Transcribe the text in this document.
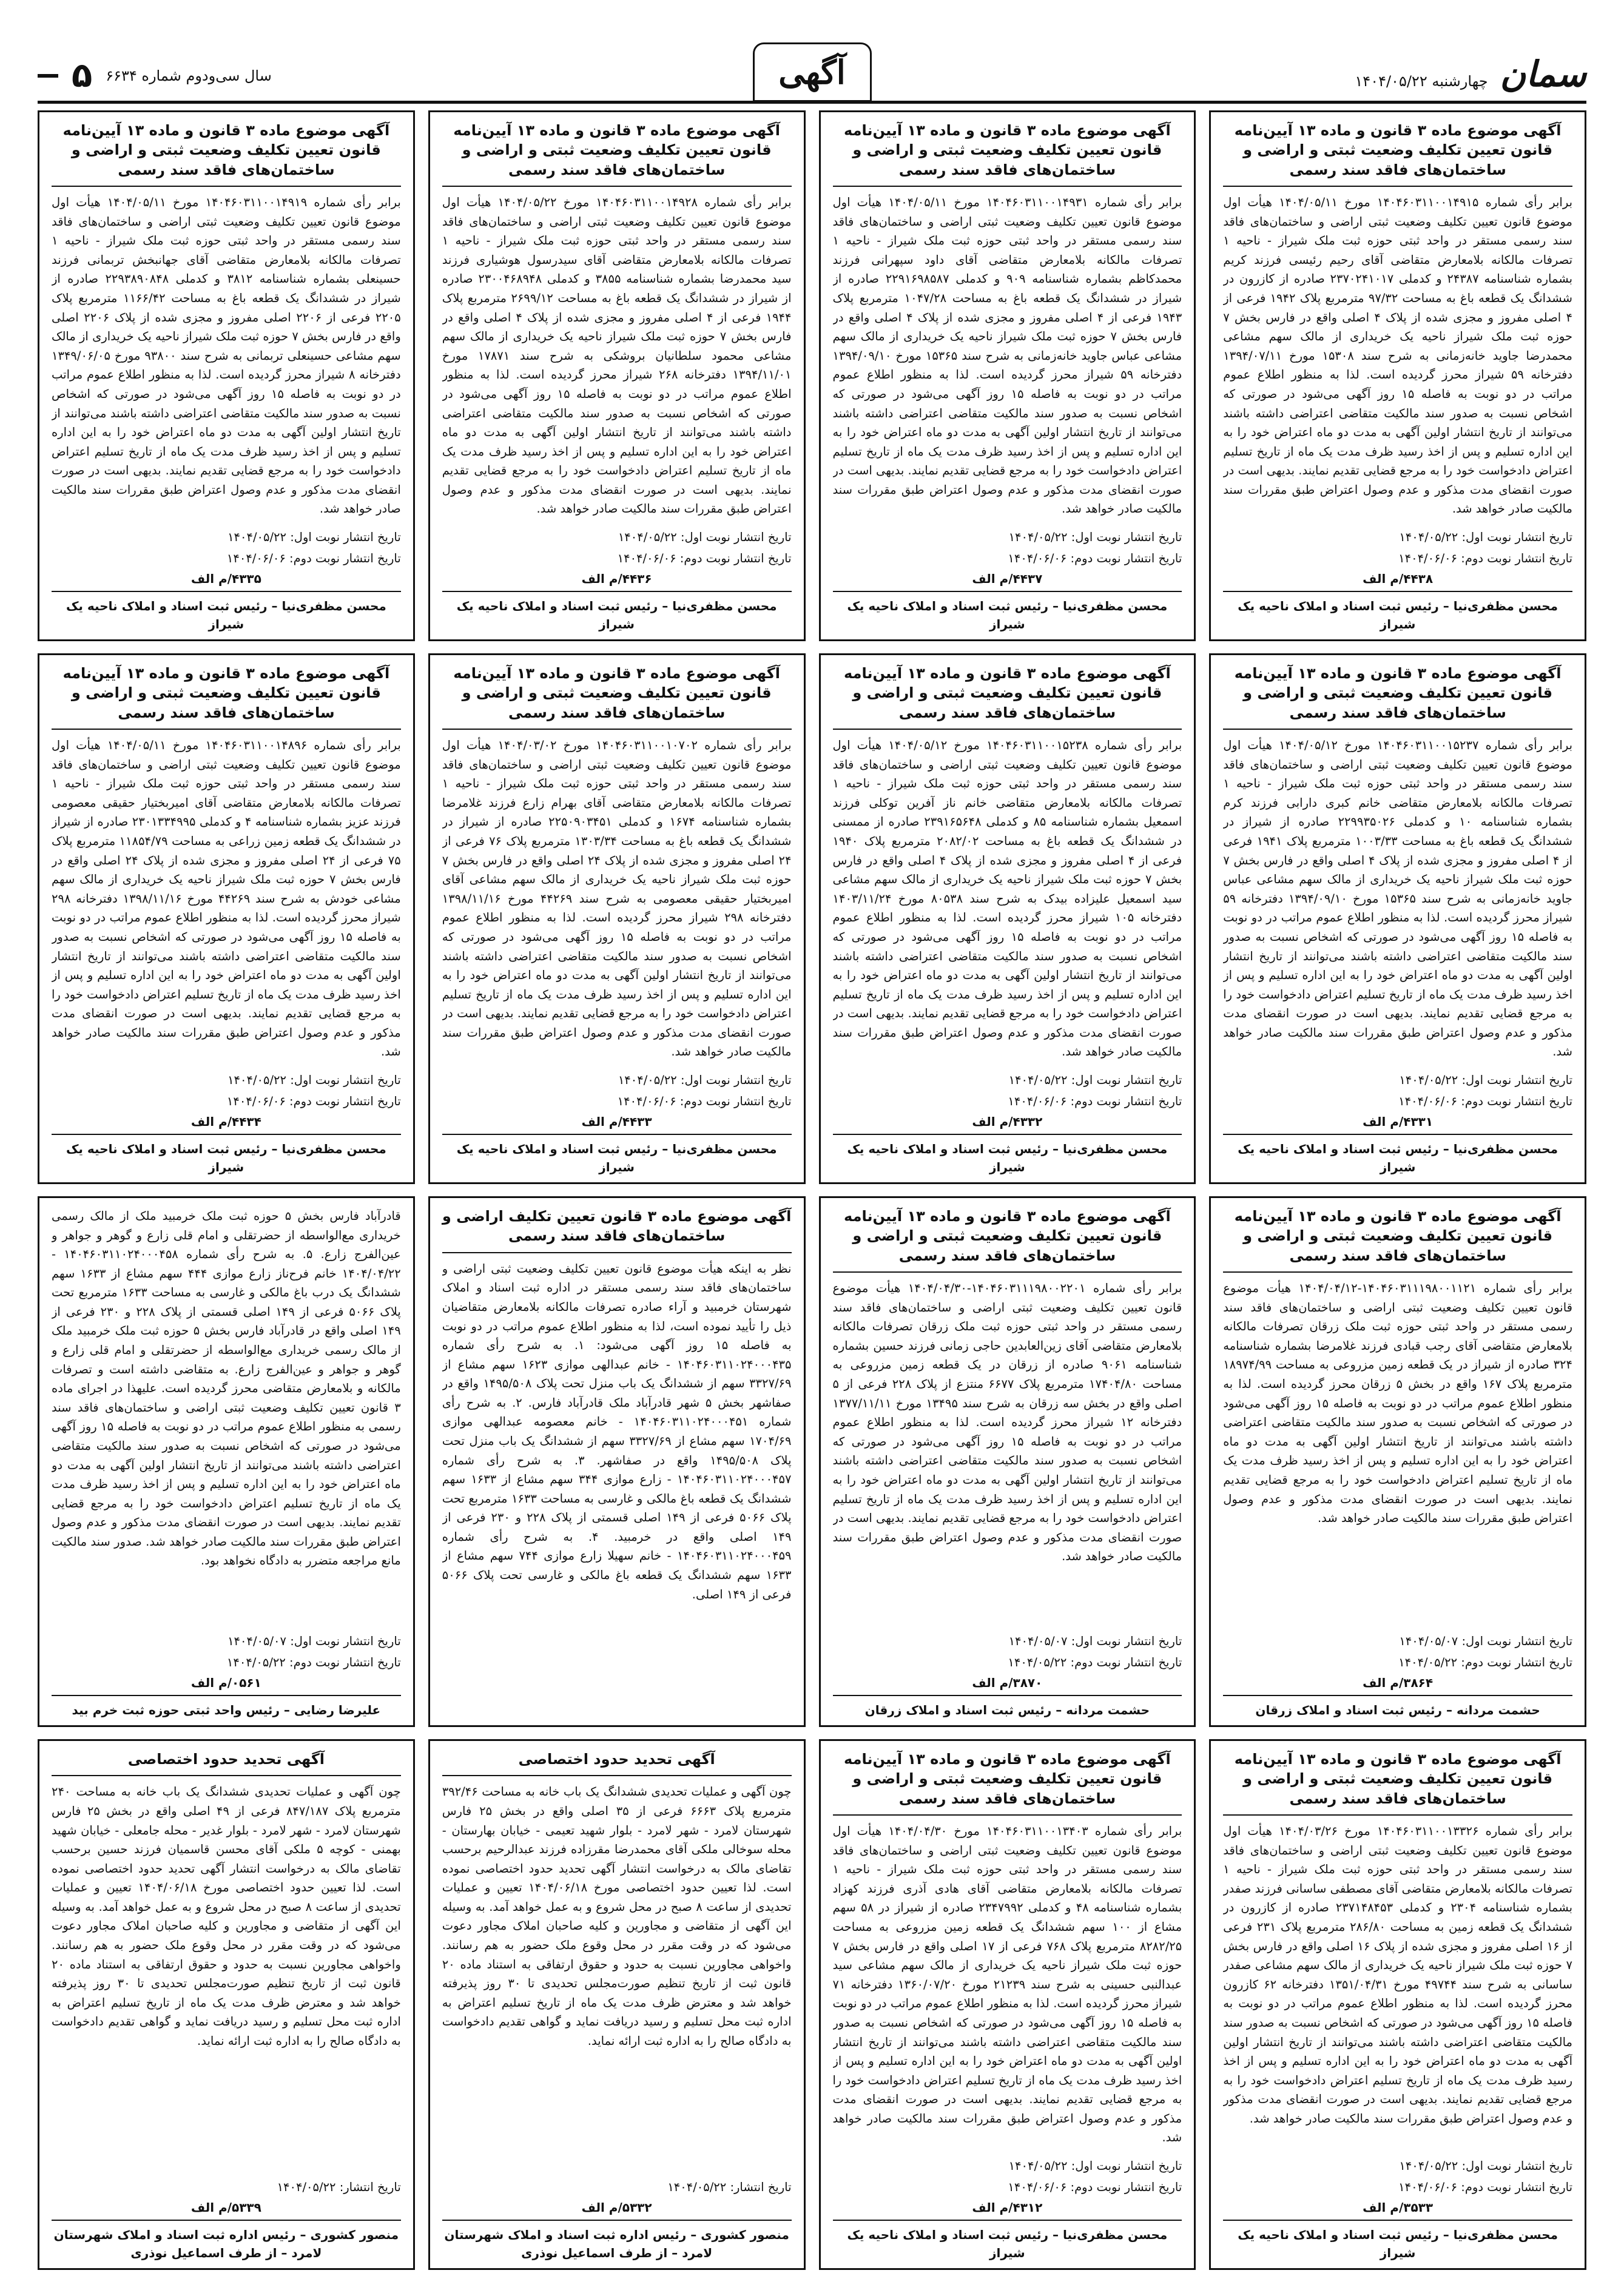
سمان
چهارشنبه ۱۴۰۴/۰۵/۲۲
آگهی
سال سی‌ودوم شماره ۶۶۳۴
۵
آگهی موضوع ماده ۳ قانون و ماده ۱۳ آیین‌نامه قانون تعیین تکلیف وضعیت ثبتی و اراضی و ساختمان‌های فاقد سند رسمی
برابر رأی شماره ۱۴۰۴۶۰۳۱۱۰۰۱۴۹۱۵ مورخ ۱۴۰۴/۰۵/۱۱ هیأت اول موضوع قانون تعیین تکلیف وضعیت ثبتی اراضی و ساختمان‌های فاقد سند رسمی مستقر در واحد ثبتی حوزه ثبت ملک شیراز - ناحیه ۱ تصرفات مالکانه بلامعارض متقاضی آقای رحیم رئیسی فرزند کریم بشماره شناسنامه ۲۴۳۸۷ و کدملی ۲۳۷۰۲۴۱۰۱۷ صادره از کازرون در ششدانگ یک قطعه باغ به مساحت ۹۷/۳۲ مترمربع پلاک ۱۹۴۲ فرعی از ۴ اصلی مفروز و مجزی شده از پلاک ۴ اصلی واقع در فارس بخش ۷ حوزه ثبت ملک شیراز ناحیه یک خریداری از مالک سهم مشاعی محمدرضا جاوید خانه‌زمانی به شرح سند ۱۵۳۰۸ مورخ ۱۳۹۴/۰۷/۱۱ دفترخانه ۵۹ شیراز محرز گردیده است. لذا به منظور اطلاع عموم مراتب در دو نوبت به فاصله ۱۵ روز آگهی می‌شود در صورتی که اشخاص نسبت به صدور سند مالکیت متقاضی اعتراضی داشته باشند می‌توانند از تاریخ انتشار اولین آگهی به مدت دو ماه اعتراض خود را به این اداره تسلیم و پس از اخذ رسید ظرف مدت یک ماه از تاریخ تسلیم اعتراض دادخواست خود را به مرجع قضایی تقدیم نمایند. بدیهی است در صورت انقضای مدت مذکور و عدم وصول اعتراض طبق مقررات سند مالکیت صادر خواهد شد.
تاریخ انتشار نوبت اول: ۱۴۰۴/۰۵/۲۲
تاریخ انتشار نوبت دوم: ۱۴۰۴/۰۶/۰۶
۴۴۳۸/م الف
محسن مظفری‌نیا – رئیس ثبت اسناد و املاک ناحیه یک شیراز
آگهی موضوع ماده ۳ قانون و ماده ۱۳ آیین‌نامه قانون تعیین تکلیف وضعیت ثبتی و اراضی و ساختمان‌های فاقد سند رسمی
برابر رأی شماره ۱۴۰۴۶۰۳۱۱۰۰۱۴۹۳۱ مورخ ۱۴۰۴/۰۵/۱۱ هیأت اول موضوع قانون تعیین تکلیف وضعیت ثبتی اراضی و ساختمان‌های فاقد سند رسمی مستقر در واحد ثبتی حوزه ثبت ملک شیراز - ناحیه ۱ تصرفات مالکانه بلامعارض متقاضی آقای داود سپهرانی فرزند محمدکاظم بشماره شناسنامه ۹۰۹ و کدملی ۲۲۹۱۶۹۸۵۸۷ صادره از شیراز در ششدانگ یک قطعه باغ به مساحت ۱۰۴۷/۲۸ مترمربع پلاک ۱۹۴۳ فرعی از ۴ اصلی مفروز و مجزی شده از پلاک ۴ اصلی واقع در فارس بخش ۷ حوزه ثبت ملک شیراز ناحیه یک خریداری از مالک سهم مشاعی عباس جاوید خانه‌زمانی به شرح سند ۱۵۳۶۵ مورخ ۱۳۹۴/۰۹/۱۰ دفترخانه ۵۹ شیراز محرز گردیده است. لذا به منظور اطلاع عموم مراتب در دو نوبت به فاصله ۱۵ روز آگهی می‌شود در صورتی که اشخاص نسبت به صدور سند مالکیت متقاضی اعتراضی داشته باشند می‌توانند از تاریخ انتشار اولین آگهی به مدت دو ماه اعتراض خود را به این اداره تسلیم و پس از اخذ رسید ظرف مدت یک ماه از تاریخ تسلیم اعتراض دادخواست خود را به مرجع قضایی تقدیم نمایند. بدیهی است در صورت انقضای مدت مذکور و عدم وصول اعتراض طبق مقررات سند مالکیت صادر خواهد شد.
تاریخ انتشار نوبت اول: ۱۴۰۴/۰۵/۲۲
تاریخ انتشار نوبت دوم: ۱۴۰۴/۰۶/۰۶
۴۴۳۷/م الف
محسن مظفری‌نیا – رئیس ثبت اسناد و املاک ناحیه یک شیراز
آگهی موضوع ماده ۳ قانون و ماده ۱۳ آیین‌نامه قانون تعیین تکلیف وضعیت ثبتی و اراضی و ساختمان‌های فاقد سند رسمی
برابر رأی شماره ۱۴۰۴۶۰۳۱۱۰۰۱۴۹۲۸ مورخ ۱۴۰۴/۰۵/۲۲ هیأت اول موضوع قانون تعیین تکلیف وضعیت ثبتی اراضی و ساختمان‌های فاقد سند رسمی مستقر در واحد ثبتی حوزه ثبت ملک شیراز - ناحیه ۱ تصرفات مالکانه بلامعارض متقاضی آقای سیدرسول هوشیاری فرزند سید محمدرضا بشماره شناسنامه ۳۸۵۵ و کدملی ۲۳۰۰۴۶۸۹۴۸ صادره از شیراز در ششدانگ یک قطعه باغ به مساحت ۲۶۹۹/۱۲ مترمربع پلاک ۱۹۴۴ فرعی از ۴ اصلی مفروز و مجزی شده از پلاک ۴ اصلی واقع در فارس بخش ۷ حوزه ثبت ملک شیراز ناحیه یک خریداری از مالک سهم مشاعی محمود سلطانیان بروشکی به شرح سند ۱۷۸۷۱ مورخ ۱۳۹۴/۱۱/۰۱ دفترخانه ۲۶۸ شیراز محرز گردیده است. لذا به منظور اطلاع عموم مراتب در دو نوبت به فاصله ۱۵ روز آگهی می‌شود در صورتی که اشخاص نسبت به صدور سند مالکیت متقاضی اعتراضی داشته باشند می‌توانند از تاریخ انتشار اولین آگهی به مدت دو ماه اعتراض خود را به این اداره تسلیم و پس از اخذ رسید ظرف مدت یک ماه از تاریخ تسلیم اعتراض دادخواست خود را به مرجع قضایی تقدیم نمایند. بدیهی است در صورت انقضای مدت مذکور و عدم وصول اعتراض طبق مقررات سند مالکیت صادر خواهد شد.
تاریخ انتشار نوبت اول: ۱۴۰۴/۰۵/۲۲
تاریخ انتشار نوبت دوم: ۱۴۰۴/۰۶/۰۶
۴۴۳۶/م الف
محسن مظفری‌نیا – رئیس ثبت اسناد و املاک ناحیه یک شیراز
آگهی موضوع ماده ۳ قانون و ماده ۱۳ آیین‌نامه قانون تعیین تکلیف وضعیت ثبتی و اراضی و ساختمان‌های فاقد سند رسمی
برابر رأی شماره ۱۴۰۴۶۰۳۱۱۰۰۱۴۹۱۹ مورخ ۱۴۰۴/۰۵/۱۱ هیأت اول موضوع قانون تعیین تکلیف وضعیت ثبتی اراضی و ساختمان‌های فاقد سند رسمی مستقر در واحد ثبتی حوزه ثبت ملک شیراز - ناحیه ۱ تصرفات مالکانه بلامعارض متقاضی آقای جهانبخش تربمانی فرزند حسینعلی بشماره شناسنامه ۳۸۱۲ و کدملی ۲۲۹۳۸۹۰۸۴۸ صادره از شیراز در ششدانگ یک قطعه باغ به مساحت ۱۱۶۶/۴۲ مترمربع پلاک ۲۲۰۵ فرعی از ۲۲۰۶ اصلی مفروز و مجزی شده از پلاک ۲۲۰۶ اصلی واقع در فارس بخش ۷ حوزه ثبت ملک شیراز ناحیه یک خریداری از مالک سهم مشاعی حسینعلی تربمانی به شرح سند ۹۳۸۰۰ مورخ ۱۳۴۹/۰۶/۰۵ دفترخانه ۸ شیراز محرز گردیده است. لذا به منظور اطلاع عموم مراتب در دو نوبت به فاصله ۱۵ روز آگهی می‌شود در صورتی که اشخاص نسبت به صدور سند مالکیت متقاضی اعتراضی داشته باشند می‌توانند از تاریخ انتشار اولین آگهی به مدت دو ماه اعتراض خود را به این اداره تسلیم و پس از اخذ رسید ظرف مدت یک ماه از تاریخ تسلیم اعتراض دادخواست خود را به مرجع قضایی تقدیم نمایند. بدیهی است در صورت انقضای مدت مذکور و عدم وصول اعتراض طبق مقررات سند مالکیت صادر خواهد شد.
تاریخ انتشار نوبت اول: ۱۴۰۴/۰۵/۲۲
تاریخ انتشار نوبت دوم: ۱۴۰۴/۰۶/۰۶
۴۳۳۵/م الف
محسن مظفری‌نیا – رئیس ثبت اسناد و املاک ناحیه یک شیراز
آگهی موضوع ماده ۳ قانون و ماده ۱۳ آیین‌نامه قانون تعیین تکلیف وضعیت ثبتی و اراضی و ساختمان‌های فاقد سند رسمی
برابر رأی شماره ۱۴۰۴۶۰۳۱۱۰۰۱۵۲۳۷ مورخ ۱۴۰۴/۰۵/۱۲ هیأت اول موضوع قانون تعیین تکلیف وضعیت ثبتی اراضی و ساختمان‌های فاقد سند رسمی مستقر در واحد ثبتی حوزه ثبت ملک شیراز - ناحیه ۱ تصرفات مالکانه بلامعارض متقاضی خانم کبری دارابی فرزند کرم بشماره شناسنامه ۱۰ و کدملی ۲۲۹۹۳۵۰۲۶ صادره از شیراز در ششدانگ یک قطعه باغ به مساحت ۱۰۰۳/۳۳ مترمربع پلاک ۱۹۴۱ فرعی از ۴ اصلی مفروز و مجزی شده از پلاک ۴ اصلی واقع در فارس بخش ۷ حوزه ثبت ملک شیراز ناحیه یک خریداری از مالک سهم مشاعی عباس جاوید خانه‌زمانی به شرح سند ۱۵۳۶۵ مورخ ۱۳۹۴/۰۹/۱۰ دفترخانه ۵۹ شیراز محرز گردیده است. لذا به منظور اطلاع عموم مراتب در دو نوبت به فاصله ۱۵ روز آگهی می‌شود در صورتی که اشخاص نسبت به صدور سند مالکیت متقاضی اعتراضی داشته باشند می‌توانند از تاریخ انتشار اولین آگهی به مدت دو ماه اعتراض خود را به این اداره تسلیم و پس از اخذ رسید ظرف مدت یک ماه از تاریخ تسلیم اعتراض دادخواست خود را به مرجع قضایی تقدیم نمایند. بدیهی است در صورت انقضای مدت مذکور و عدم وصول اعتراض طبق مقررات سند مالکیت صادر خواهد شد.
تاریخ انتشار نوبت اول: ۱۴۰۴/۰۵/۲۲
تاریخ انتشار نوبت دوم: ۱۴۰۴/۰۶/۰۶
۴۳۳۱/م الف
محسن مظفری‌نیا – رئیس ثبت اسناد و املاک ناحیه یک شیراز
آگهی موضوع ماده ۳ قانون و ماده ۱۳ آیین‌نامه قانون تعیین تکلیف وضعیت ثبتی و اراضی و ساختمان‌های فاقد سند رسمی
برابر رأی شماره ۱۴۰۴۶۰۳۱۱۰۰۱۵۲۳۸ مورخ ۱۴۰۴/۰۵/۱۲ هیأت اول موضوع قانون تعیین تکلیف وضعیت ثبتی اراضی و ساختمان‌های فاقد سند رسمی مستقر در واحد ثبتی حوزه ثبت ملک شیراز - ناحیه ۱ تصرفات مالکانه بلامعارض متقاضی خانم ناز آفرین توکلی فرزند اسمعیل بشماره شناسنامه ۸۵ و کدملی ۲۳۹۱۶۵۶۴۸ صادره از ممسنی در ششدانگ یک قطعه باغ به مساحت ۲۰۸۲/۰۲ مترمربع پلاک ۱۹۴۰ فرعی از ۴ اصلی مفروز و مجزی شده از پلاک ۴ اصلی واقع در فارس بخش ۷ حوزه ثبت ملک شیراز ناحیه یک خریداری از مالک سهم مشاعی سید اسمعیل علیزاده بیدک به شرح سند ۸۰۵۳۸ مورخ ۱۴۰۳/۱۱/۲۴ دفترخانه ۱۰۵ شیراز محرز گردیده است. لذا به منظور اطلاع عموم مراتب در دو نوبت به فاصله ۱۵ روز آگهی می‌شود در صورتی که اشخاص نسبت به صدور سند مالکیت متقاضی اعتراضی داشته باشند می‌توانند از تاریخ انتشار اولین آگهی به مدت دو ماه اعتراض خود را به این اداره تسلیم و پس از اخذ رسید ظرف مدت یک ماه از تاریخ تسلیم اعتراض دادخواست خود را به مرجع قضایی تقدیم نمایند. بدیهی است در صورت انقضای مدت مذکور و عدم وصول اعتراض طبق مقررات سند مالکیت صادر خواهد شد.
تاریخ انتشار نوبت اول: ۱۴۰۴/۰۵/۲۲
تاریخ انتشار نوبت دوم: ۱۴۰۴/۰۶/۰۶
۴۳۳۲/م الف
محسن مظفری‌نیا – رئیس ثبت اسناد و املاک ناحیه یک شیراز
آگهی موضوع ماده ۳ قانون و ماده ۱۳ آیین‌نامه قانون تعیین تکلیف وضعیت ثبتی و اراضی و ساختمان‌های فاقد سند رسمی
برابر رأی شماره ۱۴۰۴۶۰۳۱۱۰۰۱۰۷۰۲ مورخ ۱۴۰۴/۰۳/۰۲ هیأت اول موضوع قانون تعیین تکلیف وضعیت ثبتی اراضی و ساختمان‌های فاقد سند رسمی مستقر در واحد ثبتی حوزه ثبت ملک شیراز - ناحیه ۱ تصرفات مالکانه بلامعارض متقاضی آقای بهرام زارع فرزند غلامرضا بشماره شناسنامه ۱۶۷۴ و کدملی ۲۲۵۰۹۰۳۴۵۱ صادره از شیراز در ششدانگ یک قطعه باغ به مساحت ۱۳۰۳/۳۴ مترمربع پلاک ۷۶ فرعی از ۲۴ اصلی مفروز و مجزی شده از پلاک ۲۴ اصلی واقع در فارس بخش ۷ حوزه ثبت ملک شیراز ناحیه یک خریداری از مالک سهم مشاعی آقای امیربختیار حقیقی معصومی به شرح سند ۴۴۲۶۹ مورخ ۱۳۹۸/۱۱/۱۶ دفترخانه ۲۹۸ شیراز محرز گردیده است. لذا به منظور اطلاع عموم مراتب در دو نوبت به فاصله ۱۵ روز آگهی می‌شود در صورتی که اشخاص نسبت به صدور سند مالکیت متقاضی اعتراضی داشته باشند می‌توانند از تاریخ انتشار اولین آگهی به مدت دو ماه اعتراض خود را به این اداره تسلیم و پس از اخذ رسید ظرف مدت یک ماه از تاریخ تسلیم اعتراض دادخواست خود را به مرجع قضایی تقدیم نمایند. بدیهی است در صورت انقضای مدت مذکور و عدم وصول اعتراض طبق مقررات سند مالکیت صادر خواهد شد.
تاریخ انتشار نوبت اول: ۱۴۰۴/۰۵/۲۲
تاریخ انتشار نوبت دوم: ۱۴۰۴/۰۶/۰۶
۴۴۳۳/م الف
محسن مظفری‌نیا – رئیس ثبت اسناد و املاک ناحیه یک شیراز
آگهی موضوع ماده ۳ قانون و ماده ۱۳ آیین‌نامه قانون تعیین تکلیف وضعیت ثبتی و اراضی و ساختمان‌های فاقد سند رسمی
برابر رأی شماره ۱۴۰۴۶۰۳۱۱۰۰۱۴۸۹۶ مورخ ۱۴۰۴/۰۵/۱۱ هیأت اول موضوع قانون تعیین تکلیف وضعیت ثبتی اراضی و ساختمان‌های فاقد سند رسمی مستقر در واحد ثبتی حوزه ثبت ملک شیراز - ناحیه ۱ تصرفات مالکانه بلامعارض متقاضی آقای امیربختیار حقیقی معصومی فرزند عزیز بشماره شناسنامه ۴ و کدملی ۲۳۰۱۳۳۴۹۹۵ صادره از شیراز در ششدانگ یک قطعه زمین زراعی به مساحت ۱۱۸۵۴/۷۹ مترمربع پلاک ۷۵ فرعی از ۲۴ اصلی مفروز و مجزی شده از پلاک ۲۴ اصلی واقع در فارس بخش ۷ حوزه ثبت ملک شیراز ناحیه یک خریداری از مالک سهم مشاعی خودش به شرح سند ۴۴۲۶۹ مورخ ۱۳۹۸/۱۱/۱۶ دفترخانه ۲۹۸ شیراز محرز گردیده است. لذا به منظور اطلاع عموم مراتب در دو نوبت به فاصله ۱۵ روز آگهی می‌شود در صورتی که اشخاص نسبت به صدور سند مالکیت متقاضی اعتراضی داشته باشند می‌توانند از تاریخ انتشار اولین آگهی به مدت دو ماه اعتراض خود را به این اداره تسلیم و پس از اخذ رسید ظرف مدت یک ماه از تاریخ تسلیم اعتراض دادخواست خود را به مرجع قضایی تقدیم نمایند. بدیهی است در صورت انقضای مدت مذکور و عدم وصول اعتراض طبق مقررات سند مالکیت صادر خواهد شد.
تاریخ انتشار نوبت اول: ۱۴۰۴/۰۵/۲۲
تاریخ انتشار نوبت دوم: ۱۴۰۴/۰۶/۰۶
۴۴۳۴/م الف
محسن مظفری‌نیا – رئیس ثبت اسناد و املاک ناحیه یک شیراز
آگهی موضوع ماده ۳ قانون و ماده ۱۳ آیین‌نامه قانون تعیین تکلیف وضعیت ثبتی و اراضی و ساختمان‌های فاقد سند رسمی
برابر رأی شماره ۱۴۰۴۶۰۳۱۱۱۹۸۰۰۱۱۲۱-۱۴۰۴/۰۴/۱۲ هیأت موضوع قانون تعیین تکلیف وضعیت ثبتی اراضی و ساختمان‌های فاقد سند رسمی مستقر در واحد ثبتی حوزه ثبت ملک زرقان تصرفات مالکانه بلامعارض متقاضی آقای رجب قبادی فرزند غلامرضا بشماره شناسنامه ۳۲۴ صادره از شیراز در یک قطعه زمین مزروعی به مساحت ۱۸۹۷۴/۹۹ مترمربع پلاک ۱۶۷ واقع در بخش ۵ زرقان محرز گردیده است. لذا به منظور اطلاع عموم مراتب در دو نوبت به فاصله ۱۵ روز آگهی می‌شود در صورتی که اشخاص نسبت به صدور سند مالکیت متقاضی اعتراضی داشته باشند می‌توانند از تاریخ انتشار اولین آگهی به مدت دو ماه اعتراض خود را به این اداره تسلیم و پس از اخذ رسید ظرف مدت یک ماه از تاریخ تسلیم اعتراض دادخواست خود را به مرجع قضایی تقدیم نمایند. بدیهی است در صورت انقضای مدت مذکور و عدم وصول اعتراض طبق مقررات سند مالکیت صادر خواهد شد.
تاریخ انتشار نوبت اول: ۱۴۰۴/۰۵/۰۷
تاریخ انتشار نوبت دوم: ۱۴۰۴/۰۵/۲۲
۳۸۶۴/م الف
حشمت مردانه – رئیس ثبت اسناد و املاک زرقان
آگهی موضوع ماده ۳ قانون و ماده ۱۳ آیین‌نامه قانون تعیین تکلیف وضعیت ثبتی و اراضی و ساختمان‌های فاقد سند رسمی
برابر رأی شماره ۱۴۰۴۶۰۳۱۱۱۹۸۰۰۲۲۰۱-۱۴۰۴/۰۴/۳۰ هیأت موضوع قانون تعیین تکلیف وضعیت ثبتی اراضی و ساختمان‌های فاقد سند رسمی مستقر در واحد ثبتی حوزه ثبت ملک زرقان تصرفات مالکانه بلامعارض متقاضی آقای زین‌العابدین حاجی زمانی فرزند حسین بشماره شناسنامه ۹۰۶۱ صادره از زرقان در یک قطعه زمین مزروعی به مساحت ۱۷۴۰۴/۸۰ مترمربع پلاک ۶۶۷۷ منتزع از پلاک ۲۲۸ فرعی از ۵ اصلی واقع در بخش سه زرقان به شرح سند ۱۳۴۹۵ مورخ ۱۳۷۷/۱۱/۱۱ دفترخانه ۱۲ شیراز محرز گردیده است. لذا به منظور اطلاع عموم مراتب در دو نوبت به فاصله ۱۵ روز آگهی می‌شود در صورتی که اشخاص نسبت به صدور سند مالکیت متقاضی اعتراضی داشته باشند می‌توانند از تاریخ انتشار اولین آگهی به مدت دو ماه اعتراض خود را به این اداره تسلیم و پس از اخذ رسید ظرف مدت یک ماه از تاریخ تسلیم اعتراض دادخواست خود را به مرجع قضایی تقدیم نمایند. بدیهی است در صورت انقضای مدت مذکور و عدم وصول اعتراض طبق مقررات سند مالکیت صادر خواهد شد.
تاریخ انتشار نوبت اول: ۱۴۰۴/۰۵/۰۷
تاریخ انتشار نوبت دوم: ۱۴۰۴/۰۵/۲۲
۳۸۷۰/م الف
حشمت مردانه – رئیس ثبت اسناد و املاک زرقان
آگهی موضوع ماده ۳ قانون تعیین تکلیف اراضی و ساختمان‌های فاقد سند رسمی
نظر به اینکه هیأت موضوع قانون تعیین تکلیف وضعیت ثبتی اراضی و ساختمان‌های فاقد سند رسمی مستقر در اداره ثبت اسناد و املاک شهرستان خرمبید و آراء صادره تصرفات مالکانه بلامعارض متقاضیان ذیل را تأیید نموده است، لذا به منظور اطلاع عموم مراتب در دو نوبت به فاصله ۱۵ روز آگهی می‌شود: ۱. به شرح رأی شماره ۱۴۰۴۶۰۳۱۱۰۲۴۰۰۰۴۳۵ - خانم عبدالهی موازی ۱۶۲۳ سهم مشاع از ۳۳۲۷/۶۹ سهم از ششدانگ یک باب منزل تحت پلاک ۱۴۹۵/۵۰۸ واقع در صفاشهر بخش ۵ شهر قادرآباد ملک قادرآباد فارس. ۲. به شرح رأی شماره ۱۴۰۴۶۰۳۱۱۰۲۴۰۰۰۴۵۱ - خانم معصومه عبدالهی موازی ۱۷۰۴/۶۹ سهم مشاع از ۳۳۲۷/۶۹ سهم از ششدانگ یک باب منزل تحت پلاک ۱۴۹۵/۵۰۸ واقع در صفاشهر. ۳. به شرح رأی شماره ۱۴۰۴۶۰۳۱۱۰۲۴۰۰۰۴۵۷ - زارع موازی ۳۴۴ سهم مشاع از ۱۶۳۳ سهم ششدانگ یک قطعه باغ مالکی و غارسی به مساحت ۱۶۳۳ مترمربع تحت پلاک ۵۰۶۶ فرعی از ۱۴۹ اصلی قسمتی از پلاک ۲۲۸ و ۲۳۰ فرعی از ۱۴۹ اصلی واقع در خرمبید. ۴. به شرح رأی شماره ۱۴۰۴۶۰۳۱۱۰۲۴۰۰۰۴۵۹ - خانم سهیلا زارع موازی ۷۴۴ سهم مشاع از ۱۶۳۳ سهم ششدانگ یک قطعه باغ مالکی و غارسی تحت پلاک ۵۰۶۶ فرعی از ۱۴۹ اصلی.
قادرآباد فارس بخش ۵ حوزه ثبت ملک خرمبید ملک از مالک رسمی خریداری مع‌الواسطه از حضرتقلی و امام قلی زارع و گوهر و جواهر و عین‌الفرج زارع. ۵. به شرح رأی شماره ۱۴۰۴۶۰۳۱۱۰۲۴۰۰۰۴۵۸ - ۱۴۰۴/۰۴/۲۲ خانم فرح‌ناز زارع موازی ۴۴۴ سهم مشاع از ۱۶۳۳ سهم ششدانگ یک درب باغ مالکی و غارسی به مساحت ۱۶۳۳ مترمربع تحت پلاک ۵۰۶۶ فرعی از ۱۴۹ اصلی قسمتی از پلاک ۲۲۸ و ۲۳۰ فرعی از ۱۴۹ اصلی واقع در قادرآباد فارس بخش ۵ حوزه ثبت ملک خرمبید ملک از مالک رسمی خریداری مع‌الواسطه از حضرتقلی و امام قلی زارع و گوهر و جواهر و عین‌الفرج زارع. به متقاضی داشته است و تصرفات مالکانه و بلامعارض متقاضی محرز گردیده است. علیهذا در اجرای ماده ۳ قانون تعیین تکلیف وضعیت ثبتی اراضی و ساختمان‌های فاقد سند رسمی به منظور اطلاع عموم مراتب در دو نوبت به فاصله ۱۵ روز آگهی می‌شود در صورتی که اشخاص نسبت به صدور سند مالکیت متقاضی اعتراضی داشته باشند می‌توانند از تاریخ انتشار اولین آگهی به مدت دو ماه اعتراض خود را به این اداره تسلیم و پس از اخذ رسید ظرف مدت یک ماه از تاریخ تسلیم اعتراض دادخواست خود را به مرجع قضایی تقدیم نمایند. بدیهی است در صورت انقضای مدت مذکور و عدم وصول اعتراض طبق مقررات سند مالکیت صادر خواهد شد. صدور سند مالکیت مانع مراجعه متضرر به دادگاه نخواهد بود.
تاریخ انتشار نوبت اول: ۱۴۰۴/۰۵/۰۷
تاریخ انتشار نوبت دوم: ۱۴۰۴/۰۵/۲۲
۰۵۶۱/م الف
علیرضا رضایی – رئیس واحد ثبتی حوزه ثبت خرم بید
آگهی موضوع ماده ۳ قانون و ماده ۱۳ آیین‌نامه قانون تعیین تکلیف وضعیت ثبتی و اراضی و ساختمان‌های فاقد سند رسمی
برابر رأی شماره ۱۴۰۴۶۰۳۱۱۰۰۱۳۳۲۶ مورخ ۱۴۰۴/۰۳/۲۶ هیأت اول موضوع قانون تعیین تکلیف وضعیت ثبتی اراضی و ساختمان‌های فاقد سند رسمی مستقر در واحد ثبتی حوزه ثبت ملک شیراز - ناحیه ۱ تصرفات مالکانه بلامعارض متقاضی آقای مصطفی ساسانی فرزند صفدر بشماره شناسنامه ۲۳۰۴ و کدملی ۲۳۷۱۴۸۴۵۳ صادره از کازرون در ششدانگ یک قطعه زمین به مساحت ۲۸۶/۸۰ مترمربع پلاک ۲۳۱ فرعی از ۱۶ اصلی مفروز و مجزی شده از پلاک ۱۶ اصلی واقع در فارس بخش ۷ حوزه ثبت ملک شیراز ناحیه یک خریداری از مالک سهم مشاعی صفدر ساسانی به شرح سند ۴۹۷۴۴ مورخ ۱۳۵۱/۰۴/۳۱ دفترخانه ۶۲ کازرون محرز گردیده است. لذا به منظور اطلاع عموم مراتب در دو نوبت به فاصله ۱۵ روز آگهی می‌شود در صورتی که اشخاص نسبت به صدور سند مالکیت متقاضی اعتراضی داشته باشند می‌توانند از تاریخ انتشار اولین آگهی به مدت دو ماه اعتراض خود را به این اداره تسلیم و پس از اخذ رسید ظرف مدت یک ماه از تاریخ تسلیم اعتراض دادخواست خود را به مرجع قضایی تقدیم نمایند. بدیهی است در صورت انقضای مدت مذکور و عدم وصول اعتراض طبق مقررات سند مالکیت صادر خواهد شد.
تاریخ انتشار نوبت اول: ۱۴۰۴/۰۵/۲۲
تاریخ انتشار نوبت دوم: ۱۴۰۴/۰۶/۰۶
۳۵۳۳/م الف
محسن مظفری‌نیا – رئیس ثبت اسناد و املاک ناحیه یک شیراز
آگهی موضوع ماده ۳ قانون و ماده ۱۳ آیین‌نامه قانون تعیین تکلیف وضعیت ثبتی و اراضی و ساختمان‌های فاقد سند رسمی
برابر رأی شماره ۱۴۰۴۶۰۳۱۱۰۰۱۳۴۰۳ مورخ ۱۴۰۴/۰۴/۳۰ هیأت اول موضوع قانون تعیین تکلیف وضعیت ثبتی اراضی و ساختمان‌های فاقد سند رسمی مستقر در واحد ثبتی حوزه ثبت ملک شیراز - ناحیه ۱ تصرفات مالکانه بلامعارض متقاضی آقای هادی آذری فرزند کهزاد بشماره شناسنامه ۴۸ و کدملی ۲۳۴۷۹۹۲ صادره از شیراز در ۵۸ سهم مشاع از ۱۰۰ سهم ششدانگ یک قطعه زمین مزروعی به مساحت ۸۲۸۲/۲۵ مترمربع پلاک ۷۶۸ فرعی از ۱۷ اصلی واقع در فارس بخش ۷ حوزه ثبت ملک شیراز ناحیه یک خریداری از مالک سهم مشاعی سید عبدالنبی حسینی به شرح سند ۲۱۲۳۹ مورخ ۱۳۶۰/۰۷/۲۰ دفترخانه ۷۱ شیراز محرز گردیده است. لذا به منظور اطلاع عموم مراتب در دو نوبت به فاصله ۱۵ روز آگهی می‌شود در صورتی که اشخاص نسبت به صدور سند مالکیت متقاضی اعتراضی داشته باشند می‌توانند از تاریخ انتشار اولین آگهی به مدت دو ماه اعتراض خود را به این اداره تسلیم و پس از اخذ رسید ظرف مدت یک ماه از تاریخ تسلیم اعتراض دادخواست خود را به مرجع قضایی تقدیم نمایند. بدیهی است در صورت انقضای مدت مذکور و عدم وصول اعتراض طبق مقررات سند مالکیت صادر خواهد شد.
تاریخ انتشار نوبت اول: ۱۴۰۴/۰۵/۲۲
تاریخ انتشار نوبت دوم: ۱۴۰۴/۰۶/۰۶
۴۳۱۲/م الف
محسن مظفری‌نیا – رئیس ثبت اسناد و املاک ناحیه یک شیراز
آگهی تحدید حدود اختصاصی
چون آگهی و عملیات تحدیدی ششدانگ یک باب خانه به مساحت ۳۹۲/۴۶ مترمربع پلاک ۶۶۶۳ فرعی از ۳۵ اصلی واقع در بخش ۲۵ فارس شهرستان لامرد - شهر لامرد - بلوار شهید تعیمی - خیابان بهارستان - محله سوخالی ملکی آقای محمدرضا مقرزاده فرزند عبدالرحیم برحسب تقاضای مالک به درخواست انتشار آگهی تحدید حدود اختصاصی نموده است. لذا تعیین حدود اختصاصی مورخ ۱۴۰۴/۰۶/۱۸ تعیین و عملیات تحدیدی از ساعت ۸ صبح در محل شروع و به عمل خواهد آمد. به وسیله این آگهی از متقاضی و مجاورین و کلیه صاحبان املاک مجاور دعوت می‌شود که در وقت مقرر در محل وقوع ملک حضور به هم رسانند. واخواهی مجاورین نسبت به حدود و حقوق ارتفاقی به استناد ماده ۲۰ قانون ثبت از تاریخ تنظیم صورت‌مجلس تحدیدی تا ۳۰ روز پذیرفته خواهد شد و معترض ظرف مدت یک ماه از تاریخ تسلیم اعتراض به اداره ثبت محل تسلیم و رسید دریافت نماید و گواهی تقدیم دادخواست به دادگاه صالح را به اداره ثبت ارائه نماید.
تاریخ انتشار: ۱۴۰۴/۰۵/۲۲
۵۳۳۲/م الف
منصور کشوری – رئیس اداره ثبت اسناد و املاک شهرستان لامرد – از طرف اسماعیل نوذری
آگهی تحدید حدود اختصاصی
چون آگهی و عملیات تحدیدی ششدانگ یک باب خانه به مساحت ۲۴۰ مترمربع پلاک ۸۴۷/۱۸۷ فرعی از ۴۹ اصلی واقع در بخش ۲۵ فارس شهرستان لامرد - شهر لامرد - بلوار غدیر - محله جامعلی - خیابان شهید بهمنی - کوچه ۵ ملکی آقای محسن قاسمیان فرزند حسین برحسب تقاضای مالک به درخواست انتشار آگهی تحدید حدود اختصاصی نموده است. لذا تعیین حدود اختصاصی مورخ ۱۴۰۴/۰۶/۱۸ تعیین و عملیات تحدیدی از ساعت ۸ صبح در محل شروع و به عمل خواهد آمد. به وسیله این آگهی از متقاضی و مجاورین و کلیه صاحبان املاک مجاور دعوت می‌شود که در وقت مقرر در محل وقوع ملک حضور به هم رسانند. واخواهی مجاورین نسبت به حدود و حقوق ارتفاقی به استناد ماده ۲۰ قانون ثبت از تاریخ تنظیم صورت‌مجلس تحدیدی تا ۳۰ روز پذیرفته خواهد شد و معترض ظرف مدت یک ماه از تاریخ تسلیم اعتراض به اداره ثبت محل تسلیم و رسید دریافت نماید و گواهی تقدیم دادخواست به دادگاه صالح را به اداره ثبت ارائه نماید.
تاریخ انتشار: ۱۴۰۴/۰۵/۲۲
۵۳۳۹/م الف
منصور کشوری – رئیس اداره ثبت اسناد و املاک شهرستان لامرد – از طرف اسماعیل نوذری
